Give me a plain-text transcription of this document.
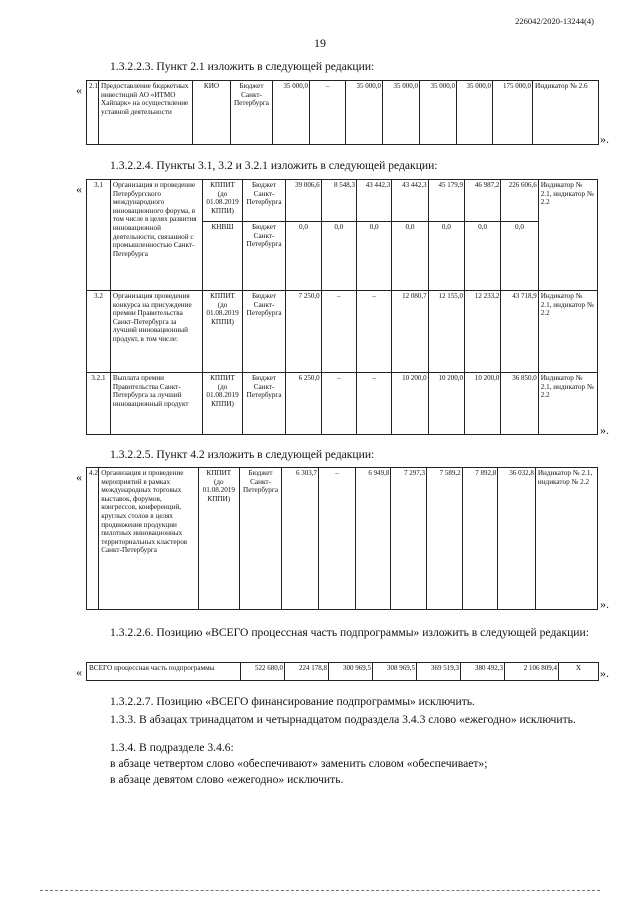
226042/2020-13244(4)
19
1.3.2.2.3. Пункт 2.1 изложить в следующей редакции:
« 2.1	Предоставление бюджетных инвестиций АО «ИТМО Хайпарк» на осуществление уставной деятельности	КИО	Бюджет Санкт-Петербурга	35 000,0	–	35 000,0	35 000,0	35 000,0	35 000,0	175 000,0	Индикатор № 2.6
».
1.3.2.2.4. Пункты 3.1, 3.2 и 3.2.1 изложить в следующей редакции:
« 3.1	Организация и проведение Петербургского международного инновационного форума, в том числе в целях развития инновационной деятельности, связанной с промышленностью Санкт-Петербурга	КППИТ (до 01.08.2019 КППИ)	Бюджет Санкт-Петербурга	39 006,6	8 548,3	43 442,3	43 442,3	45 179,9	46 987,2	226 606,6	Индикатор № 2.1, индикатор № 2.2
		КНВШ	Бюджет Санкт-Петербурга	0,0	0,0	0,0	0,0	0,0	0,0	0,0	
3.2	Организация проведения конкурса на присуждение премии Правительства Санкт-Петербурга за лучший инновационный продукт, в том числе:	КППИТ (до 01.08.2019 КППИ)	Бюджет Санкт-Петербурга	7 250,0	–	–	12 080,7	12 155,0	12 233,2	43 718,9	Индикатор № 2.1, индикатор № 2.2
3.2.1	Выплата премии Правительства Санкт-Петербурга за лучший инновационный продукт	КППИТ (до 01.08.2019 КППИ)	Бюджет Санкт-Петербурга	6 250,0	–	–	10 200,0	10 200,0	10 200,0	36 850,0	Индикатор № 2.1, индикатор № 2.2
».
1.3.2.2.5. Пункт 4.2 изложить в следующей редакции:
« 4.2	Организация и проведение мероприятий в рамках международных торговых выставок, форумов, конгрессов, конференций, круглых столов в целях продвижения продукции пилотных инновационных территориальных кластеров Санкт-Петербурга	КППИТ (до 01.08.2019 КППИ)	Бюджет Санкт-Петербурга	6 303,7	–	6 949,8	7 297,3	7 589,2	7 892,8	36 032,8	Индикатор № 2.1, индикатор № 2.2
».
1.3.2.2.6. Позицию «ВСЕГО процессная часть подпрограммы» изложить в следующей редакции:
« ВСЕГО процессная часть подпрограммы	522 680,0	224 178,8	300 969,5	308 969,5	369 519,3	380 492,3	2 106 809,4	Х ».
1.3.2.2.7. Позицию «ВСЕГО финансирование подпрограммы» исключить.
1.3.3. В абзацах тринадцатом и четырнадцатом подраздела 3.4.3 слово «ежегодно» исключить.
1.3.4. В подразделе 3.4.6:
в абзаце четвертом слово «обеспечивают» заменить словом «обеспечивает»;
в абзаце девятом слово «ежегодно» исключить.
